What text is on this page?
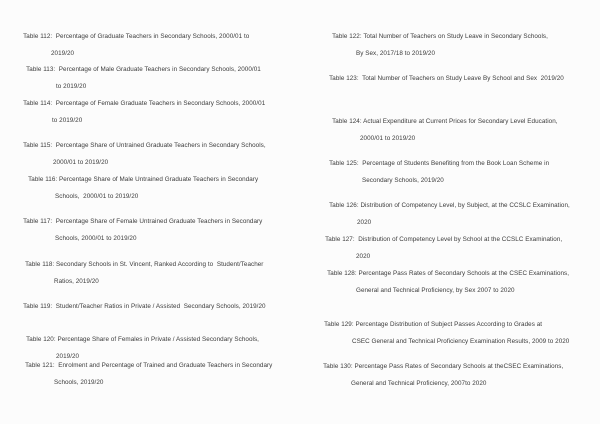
Table 112:  Percentage of Graduate Teachers in Secondary Schools, 2000/01 to

2019/20

Table 113:  Percentage of Male Graduate Teachers in Secondary Schools, 2000/01

to 2019/20

Table 114:  Percentage of Female Graduate Teachers in Secondary Schools, 2000/01

to 2019/20

Table 115:  Percentage Share of Untrained Graduate Teachers in Secondary Schools,

2000/01 to 2019/20

Table 116: Percentage Share of Male Untrained Graduate Teachers in Secondary

Schools,  2000/01 to 2019/20

Table 117:  Percentage Share of Female Untrained Graduate Teachers in Secondary

Schools, 2000/01 to 2019/20

Table 118: Secondary Schools in St. Vincent, Ranked According to  Student/Teacher

Ratios, 2019/20

Table 119:  Student/Teacher Ratios in Private / Assisted  Secondary Schools, 2019/20

Table 120: Percentage Share of Females in Private / Assisted Secondary Schools,

2019/20

Table 121:  Enrolment and Percentage of Trained and Graduate Teachers in Secondary

Schools, 2019/20

Table 122: Total Number of Teachers on Study Leave in Secondary Schools,

By Sex, 2017/18 to 2019/20

Table 123:  Total Number of Teachers on Study Leave By School and Sex  2019/20

Table 124: Actual Expenditure at Current Prices for Secondary Level Education,

2000/01 to 2019/20

Table 125:  Percentage of Students Benefiting from the Book Loan Scheme in

Secondary Schools, 2019/20

Table 126: Distribution of Competency Level, by Subject, at the CCSLC Examination,

2020

Table 127:  Distribution of Competency Level by School at the CCSLC Examination,

2020

Table 128: Percentage Pass Rates of Secondary Schools at the CSEC Examinations,

General and Technical Proficiency, by Sex 2007 to 2020

Table 129: Percentage Distribution of Subject Passes According to Grades at

CSEC General and Technical Proficiency Examination Results, 2009 to 2020

Table 130: Percentage Pass Rates of Secondary Schools at theCSEC Examinations,

General and Technical Proficiency, 2007to 2020
